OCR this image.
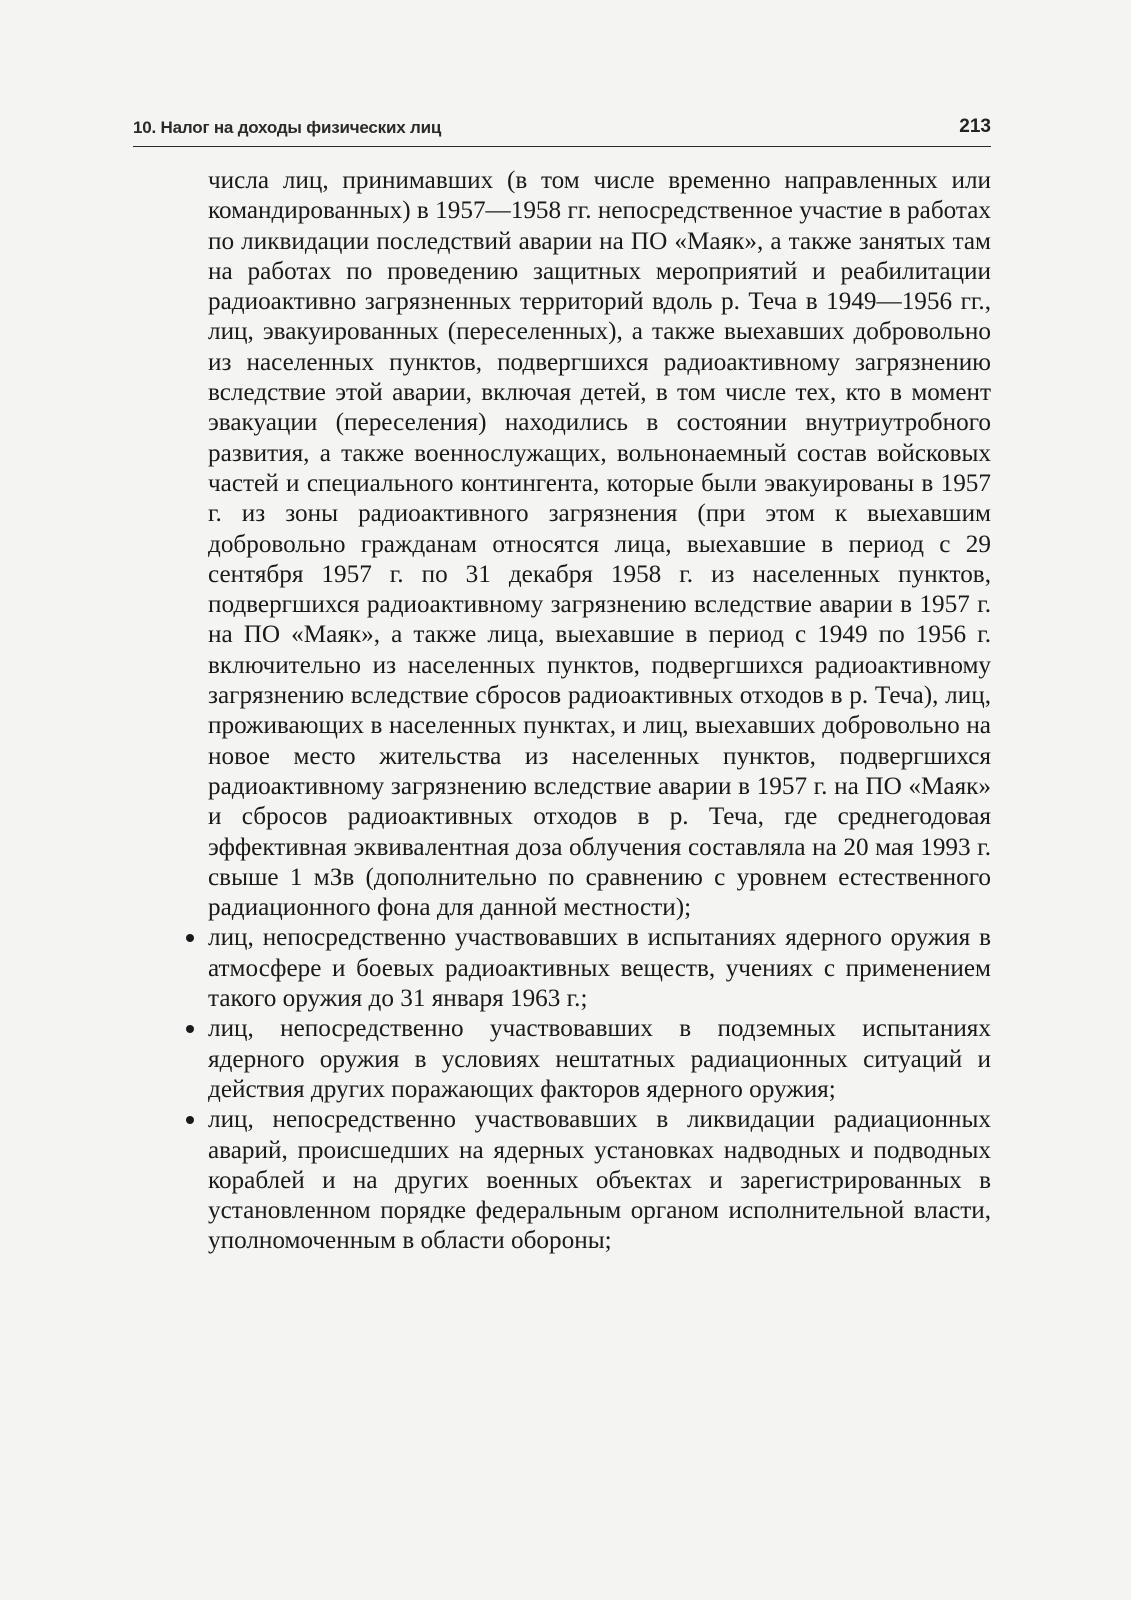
10. Налог на доходы физических лиц	213

числа лиц, принимавших (в том числе временно направленных или командированных) в 1957—1958 гг. непосредственное участие в работах по ликвидации последствий аварии на ПО «Маяк», а также занятых там на работах по проведению защитных мероприятий и реабилитации радиоактивно загрязненных территорий вдоль р. Теча в 1949—1956 гг., лиц, эвакуированных (переселенных), а также выехавших добровольно из населенных пунктов, подвергшихся радиоактивному загрязнению вследствие этой аварии, включая детей, в том числе тех, кто в момент эвакуации (переселения) находились в состоянии внутриутробного развития, а также военнослужащих, вольнонаемный состав войсковых частей и специального контингента, которые были эвакуированы в 1957 г. из зоны радиоактивного загрязнения (при этом к выехавшим добровольно гражданам относятся лица, выехавшие в период с 29 сентября 1957 г. по 31 декабря 1958 г. из населенных пунктов, подвергшихся радиоактивному загрязнению вследствие аварии в 1957 г. на ПО «Маяк», а также лица, выехавшие в период с 1949 по 1956 г. включительно из населенных пунктов, подвергшихся радиоактивному загрязнению вследствие сбросов радиоактивных отходов в р. Теча), лиц, проживающих в населенных пунктах, и лиц, выехавших добровольно на новое место жительства из населенных пунктов, подвергшихся радиоактивному загрязнению вследствие аварии в 1957 г. на ПО «Маяк» и сбросов радиоактивных отходов в р. Теча, где среднегодовая эффективная эквивалентная доза облучения составляла на 20 мая 1993 г. свыше 1 мЗв (дополнительно по сравнению с уровнем естественного радиационного фона для данной местности);

лиц, непосредственно участвовавших в испытаниях ядерного оружия в атмосфере и боевых радиоактивных веществ, учениях с применением такого оружия до 31 января 1963 г.;
лиц, непосредственно участвовавших в подземных испытаниях ядерного оружия в условиях нештатных радиационных ситуаций и действия других поражающих факторов ядерного оружия;
лиц, непосредственно участвовавших в ликвидации радиационных аварий, происшедших на ядерных установках надводных и подводных кораблей и на других военных объектах и зарегистрированных в установленном порядке федеральным органом исполнительной власти, уполномоченным в области обороны;
